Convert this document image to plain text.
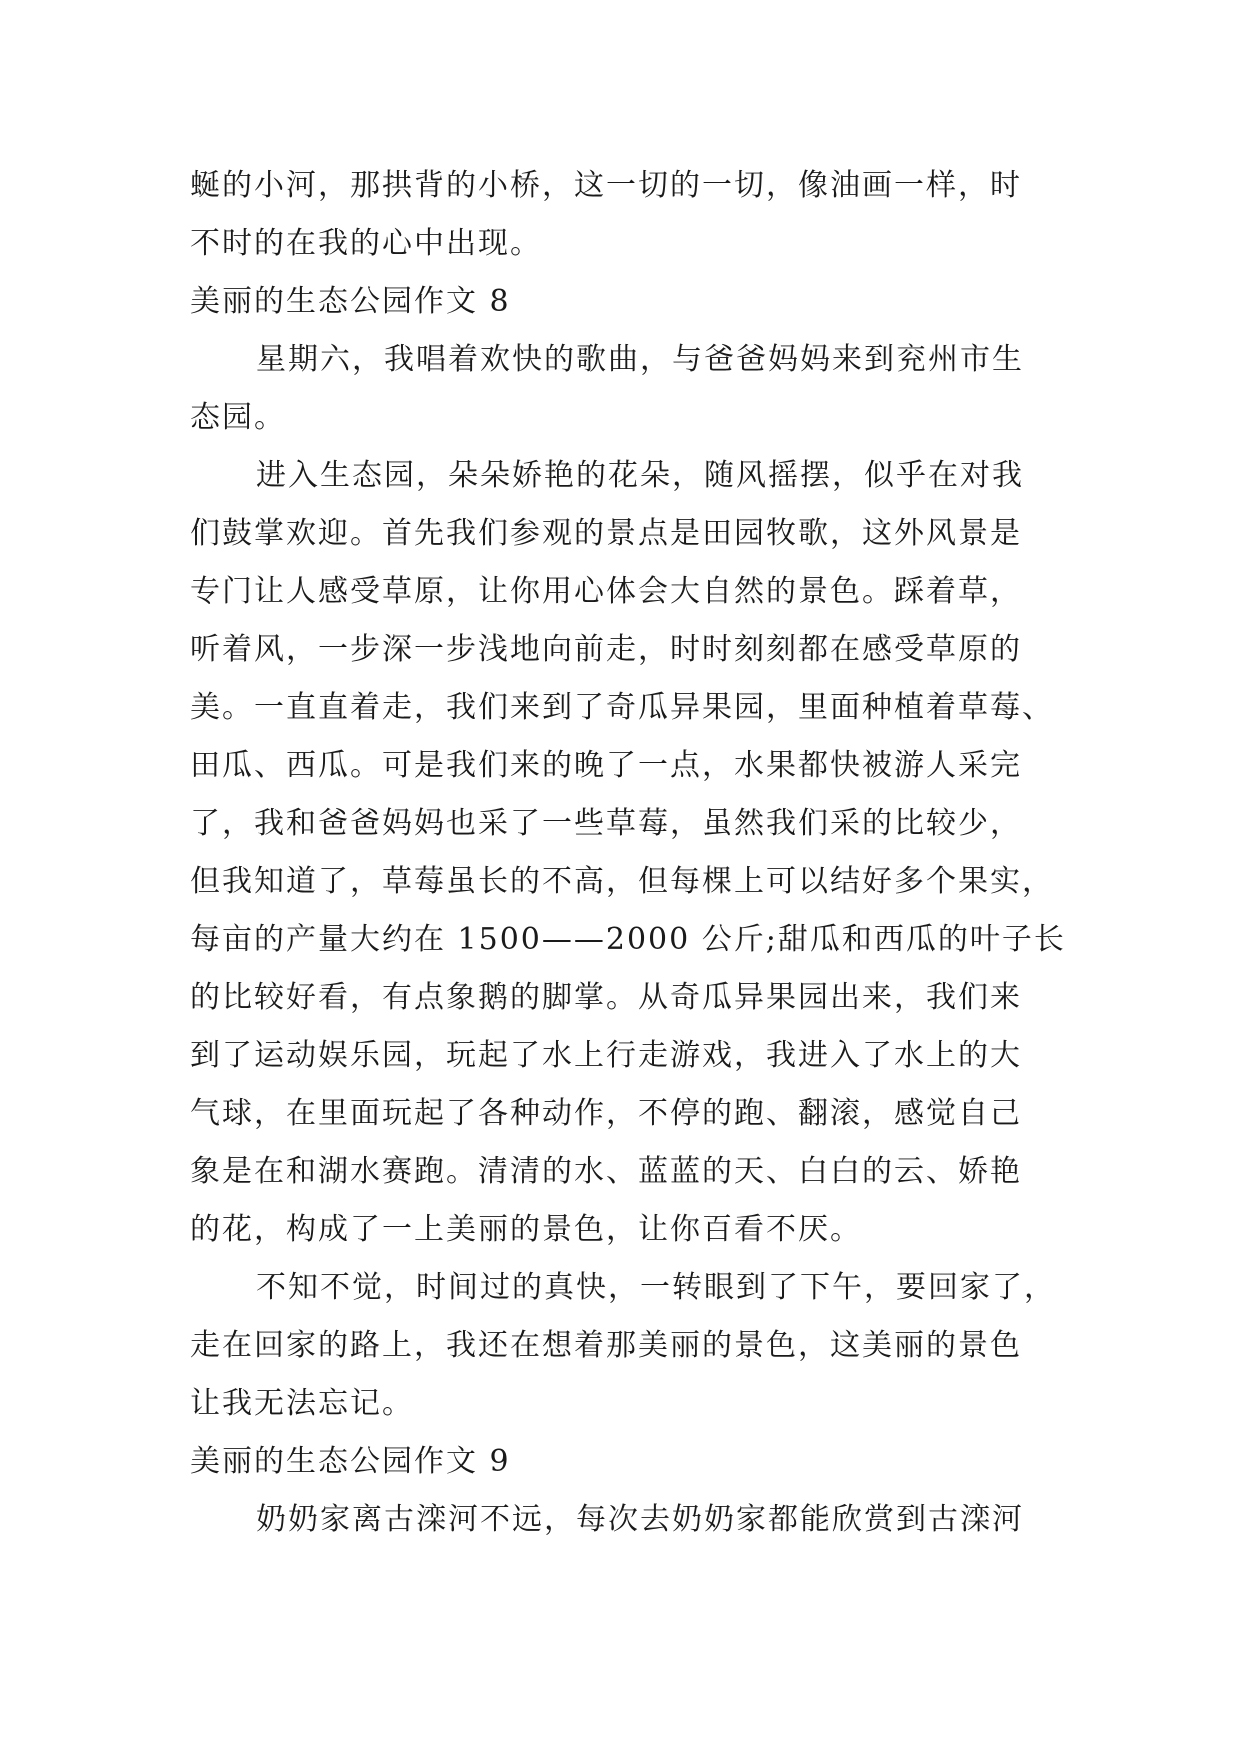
蜒的小河，那拱背的小桥，这一切的一切，像油画一样，时
不时的在我的心中出现。
美丽的生态公园作文 8
星期六，我唱着欢快的歌曲，与爸爸妈妈来到兖州市生
态园。
进入生态园，朵朵娇艳的花朵，随风摇摆，似乎在对我
们鼓掌欢迎。首先我们参观的景点是田园牧歌，这外风景是
专门让人感受草原，让你用心体会大自然的景色。踩着草，
听着风，一步深一步浅地向前走，时时刻刻都在感受草原的
美。一直直着走，我们来到了奇瓜异果园，里面种植着草莓、
田瓜、西瓜。可是我们来的晚了一点，水果都快被游人采完
了，我和爸爸妈妈也采了一些草莓，虽然我们采的比较少，
但我知道了，草莓虽长的不高，但每棵上可以结好多个果实，
每亩的产量大约在 1500——2000 公斤;甜瓜和西瓜的叶子长
的比较好看，有点象鹅的脚掌。从奇瓜异果园出来，我们来
到了运动娱乐园，玩起了水上行走游戏，我进入了水上的大
气球，在里面玩起了各种动作，不停的跑、翻滚，感觉自己
象是在和湖水赛跑。清清的水、蓝蓝的天、白白的云、娇艳
的花，构成了一上美丽的景色，让你百看不厌。
不知不觉，时间过的真快，一转眼到了下午，要回家了，
走在回家的路上，我还在想着那美丽的景色，这美丽的景色
让我无法忘记。
美丽的生态公园作文 9
奶奶家离古滦河不远，每次去奶奶家都能欣赏到古滦河
